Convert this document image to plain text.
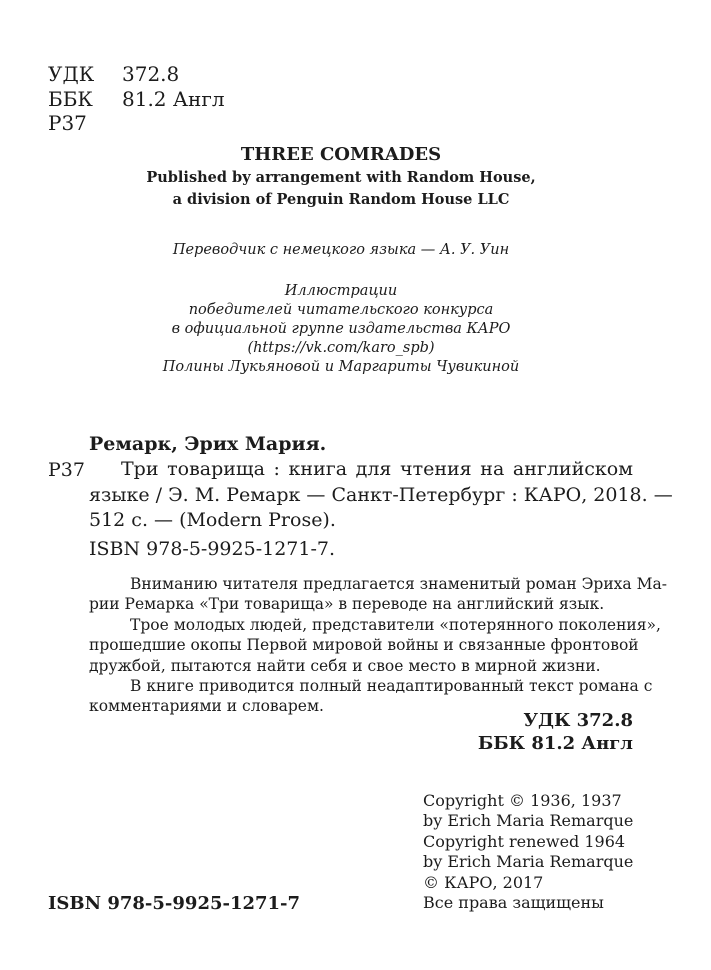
УДК	372.8
ББК	81.2 Англ
Р37
THREE COMRADES
Published by arrangement with Random House,
a division of Penguin Random House LLC
Переводчик с немецкого языка — А. У. Уин
Иллюстрации
победителей читательского конкурса
в официальной группе издательства КАРО
(https://vk.com/karo_spb)
Полины Лукьяновой и Маргариты Чувикиной
Ремарк, Эрих Мария.
Р37	Три товарища : книга для чтения на английском
языке / Э. М. Ремарк — Санкт-Петербург : КАРО, 2018. —
512 с. — (Modern Prose).
ISBN 978-5-9925-1271-7.
Вниманию читателя предлагается знаменитый роман Эриха Ма-
рии Ремарка «Три товарища» в переводе на английский язык.
Трое молодых людей, представители «потерянного поколения»,
прошедшие окопы Первой мировой войны и связанные фронтовой
дружбой, пытаются найти себя и свое место в мирной жизни.
В книге приводится полный неадаптированный текст романа с
комментариями и словарем.
УДК 372.8
ББК 81.2 Англ
Copyright © 1936, 1937
by Erich Maria Remarque
Copyright renewed 1964
by Erich Maria Remarque
© КАРО, 2017
Все права защищены
ISBN 978-5-9925-1271-7
